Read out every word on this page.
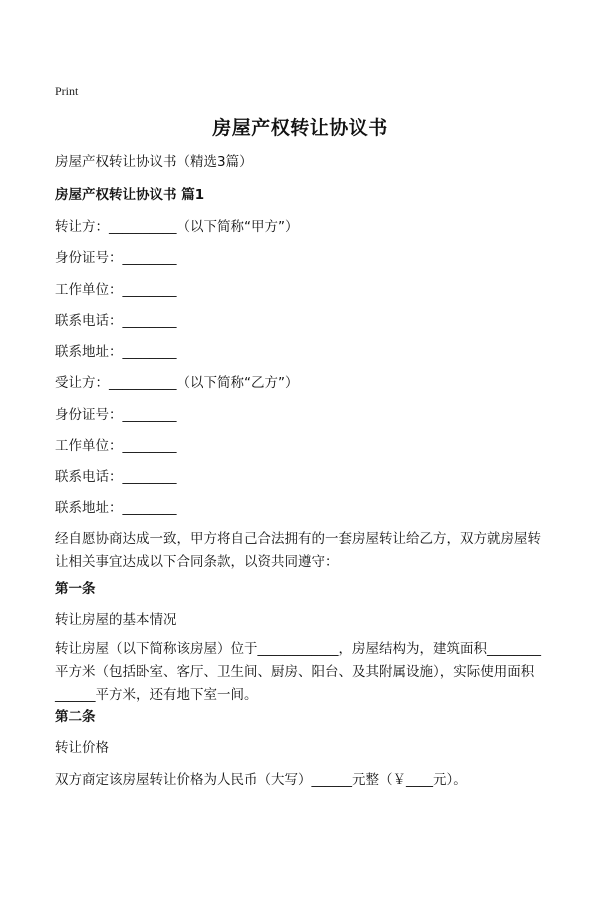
Print
房屋产权转让协议书
房屋产权转让协议书（精选3篇）
房屋产权转让协议书 篇1
转让方：__________（以下简称“甲方”）
身份证号：________
工作单位：________
联系电话：________
联系地址：________
受让方：__________（以下简称“乙方”）
身份证号：________
工作单位：________
联系电话：________
联系地址：________
经自愿协商达成一致，甲方将自己合法拥有的一套房屋转让给乙方，双方就房屋转让相关事宜达成以下合同条款，以资共同遵守：
第一条
转让房屋的基本情况
转让房屋（以下简称该房屋）位于____________，房屋结构为，建筑面积________平方米（包括卧室、客厅、卫生间、厨房、阳台、及其附属设施），实际使用面积______平方米，还有地下室一间。
第二条
转让价格
双方商定该房屋转让价格为人民币（大写）______元整（￥____元）。
